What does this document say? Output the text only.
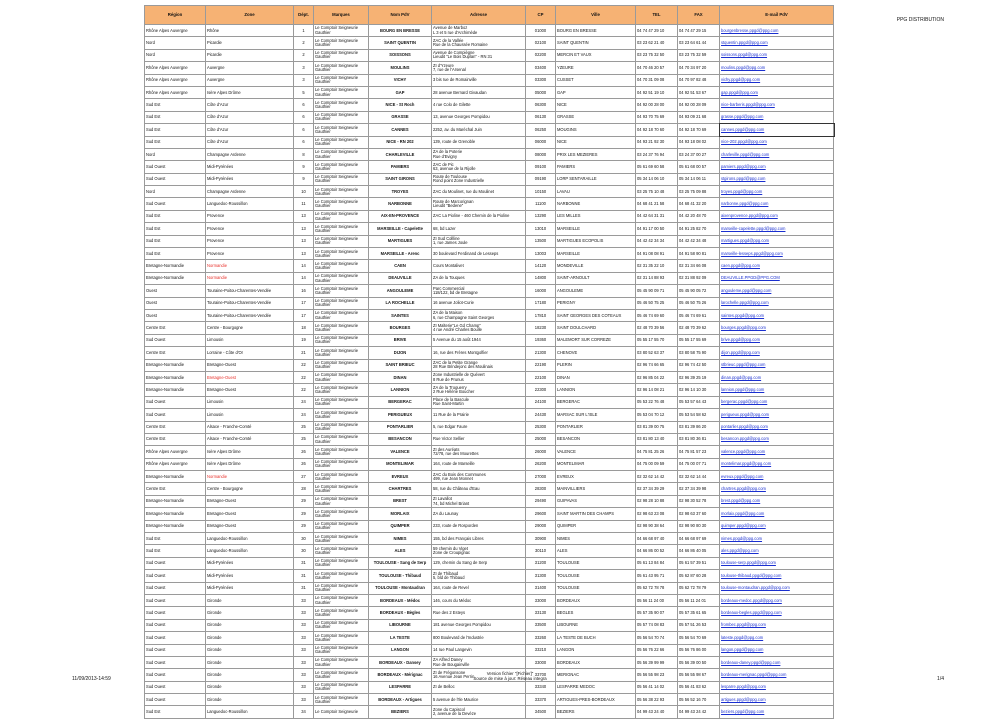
PPG DISTRIBUTION
Région	Zone	Dépt.	Marques	Nom PdV	Adresse	CP	Ville	TEL	FAX	E-mail PdV
Rhône Alpes Auvergne	Rhône	1	Le Comptoir Seigneurie
Gauthier	BOURG EN BRESSE	Avenue de Marboz
L 3 et 5 rue d'Archimède	01000	BOURG EN BRESSE	04 74 47 29 10	04 74 47 29 15	bourgenbresse.ppgd@ppg.com
Nord	Picardie	2	Le Comptoir Seigneurie
Gauthier	SAINT QUENTIN	ZAC de la Vallée
Rue de la Chaussée Romaine	02100	SAINT QUENTIN	03 23 62 21 40	03 23 64 61 44	stquentin.ppgd@ppg.com
Nord	Picardie	2	Le Comptoir Seigneurie
Gauthier	SOISSONS	Avenue de Compiègne
Lieudit "Le Bois Duplan" - RN 31	02200	MERCIN ET VAUX	03 23 75 32 50	03 23 75 32 59	soissons.ppgd@ppg.com
Rhône Alpes Auvergne	Auvergne	3	Le Comptoir Seigneurie
Gauthier	MOULINS	ZI d'Yzeure
7, rue de l'Arsenal	03400	YZEURE	04 70 46 20 57	04 70 34 97 20	moulins.ppgd@ppg.com
Rhône Alpes Auvergne	Auvergne	3	Le Comptoir Seigneurie
Gauthier	VICHY	3 bis rue de Romainville	03300	CUSSET	04 70 31 09 08	04 70 97 82 48	vichy.ppgd@ppg.com
Rhône Alpes Auvergne	Isère Alpes Drôme	5	Le Comptoir Seigneurie
Gauthier	GAP	28 avenue Bernard Givaudan	05000	GAP	04 92 51 19 10	04 92 51 53 67	gap.ppgd@ppg.com
Sud Est	Côte d'Azur	6	Le Comptoir Seigneurie
Gauthier	NICE - St Roch	4 rue Colo de Gilette	06300	NICE	04 92 00 28 00	04 92 00 28 09	nice-barberis.ppgd@ppg.com
Sud Est	Côte d'Azur	6	Le Comptoir Seigneurie
Gauthier	GRASSE	13, avenue Georges Pompidou	06130	GRASSE	04 93 70 75 69	04 93 09 21 68	grasse.ppgd@ppg.com
Sud Est	Côte d'Azur	6	Le Comptoir Seigneurie
Gauthier	CANNES	2252, av. du Maréchal Juin	06250	MOUGINS	04 92 18 70 60	04 92 18 70 69	cannes.ppgd@ppg.com
Sud Est	Côte d'Azur	6	Le Comptoir Seigneurie
Gauthier	NICE - RN 202	139, route de Grenoble	06000	NICE	04 93 21 92 30	04 93 18 08 02	nice-202.ppgd@ppg.com
Nord	Champagne Ardenne	8	Le Comptoir Seigneurie
Gauthier	CHARLEVILLE	ZA de la Poterie
Rue d'Evigny	08000	PRIX LES MEZIERES	03 24 37 76 94	03 24 37 00 27	charleville.ppgd@ppg.com
Sud Ouest	Midi-Pyrénées	9	Le Comptoir Seigneurie
Gauthier	PAMIERS	ZAC de Pic
63, avenue de la Rijolle	09100	PAMIERS	05 61 69 60 58	05 61 68 00 57	pamiers.ppgd@ppg.com
Sud Ouest	Midi-Pyrénées	9	Le Comptoir Seigneurie
Gauthier	SAINT GIRONS	Route de Toulouse
Rond point Zone Industrielle	09190	LORP SENTARAILLE	05 34 14 06 10	05 34 14 06 11	stgirons.ppgd@ppg.com
Nord	Champagne Ardenne	10	Le Comptoir Seigneurie
Gauthier	TROYES	ZAC du Moulinet, rue du Moulinet	10150	LAVAU	03 25 75 10 48	03 25 75 09 88	troyes.ppgd@ppg.com
Sud Ouest	Languedoc-Roussillon	11	Le Comptoir Seigneurie
Gauthier	NARBONNE	Route de Marcorignan
Lieudit "Bedene"	11100	NARBONNE	04 68 41 21 58	04 68 41 32 20	narbonne.ppgd@ppg.com
Sud Est	Provence	13	Le Comptoir Seigneurie
Gauthier	AIX-EN-PROVENCE	ZAC La Pioline - 460 Chemin de la Pioline	13290	LES MILLES	04 42 64 31 31	04 42 20 48 70	aixenprovence.ppgd@ppg.com
Sud Est	Provence	13	Le Comptoir Seigneurie
Gauthier	MARSEILLE - Capelette	68, bd Lazer	13010	MARSEILLE	04 91 17 00 50	04 91 25 82 70	marseille-capelette.ppgd@ppg.com
Sud Est	Provence	13	Le Comptoir Seigneurie
Gauthier	MARTIGUES	ZI Sud Collline
1, rue James Joule	13500	MARTIGUES ECOPOLIS	04 42 42 34 34	04 42 42 34 48	martigues.ppgd@ppg.com
Sud Est	Provence	13	Le Comptoir Seigneurie
Gauthier	MARSEILLE - Arenc	30 boulevard Ferdinand de Lesseps	13003	MARSEILLE	04 91 08 08 91	04 91 58 90 81	marseille-lesseps.ppgd@ppg.com
Bretagne-Normandie	Normandie	14	Le Comptoir Seigneurie
Gauthier	CAEN	Cours Montalivet	14120	MONDEVILLE	02 31 35 22 10	02 31 34 66 08	caen.ppgd@ppg.com
Bretagne-Normandie	Normandie	14	Le Comptoir Seigneurie
Gauthier	DEAUVILLE	ZA de la Touques	14800	SAINT-ARNOULT	02 31 14 88 93	02 31 88 92 09	DEAUVILLE.PPGD@PPG.COM
Ouest	Touraine-Poitou-Charentes-Vendée	16	Le Comptoir Seigneurie
Gauthier	ANGOULEME	Parc Commercial
118/122, bd de Bretagne	16000	ANGOULEME	05 45 90 09 71	05 45 90 05 72	angouleme.ppgd@ppg.com
Ouest	Touraine-Poitou-Charentes-Vendée	17	Le Comptoir Seigneurie
Gauthier	LA ROCHELLE	16 avenue Joliot-Curie	17180	PERIGNY	05 46 50 75 25	05 46 50 75 26	larochelle.ppgd@ppg.com
Ouest	Touraine-Poitou-Charentes-Vendée	17	Le Comptoir Seigneurie
Gauthier	SAINTES	ZA de la Maison
6, rue Champagne Saint Georges	17810	SAINT GEORGES DES COTEAUX	05 46 74 69 60	05 46 74 69 61	saintes.ppgd@ppg.com
Centre Est	Centre - Bourgogne	18	Le Comptoir Seigneurie
Gauthier	BOURGES	ZI Malterie"Le Gd Champ"
4 rue André Charles Boulle	18230	SAINT DOULCHARD	02 48 70 39 56	02 48 70 39 62	bourges.ppgd@ppg.com
Sud Ouest	Limousin	19	Le Comptoir Seigneurie
Gauthier	BRIVE	5 Avenue du 15 août 1944	19360	MALEMORT SUR CORREZE	05 55 17 55 70	05 55 17 55 69	brive.ppgd@ppg.com
Centre Est	Lorraine - Côte d'Or	21	Le Comptoir Seigneurie
Gauthier	DIJON	16, rue des Frères Montgolfier	21300	CHENOVE	03 80 52 63 37	03 80 58 75 90	dijon.ppgd@ppg.com
Bretagne-Normandie	Bretagne-Ouest	22	Le Comptoir Seigneurie
Gauthier	SAINT BRIEUC	ZAC de la Petite Grange
28 Rue Brindejonc des Moulinais	22190	PLERIN	02 96 74 66 65	02 96 74 42 50	stbrieuc.ppgd@ppg.com
Bretagne-Normandie	Bretagne-Ouest	22	Le Comptoir Seigneurie
Gauthier	DINAN	Zone Industrielle de Quévert
8 Rue de Prunus	22100	DINAN	02 96 85 04 22	02 96 39 25 19	dinan.ppgd@ppg.com
Bretagne-Normandie	Bretagne-Ouest	22	Le Comptoir Seigneurie
Gauthier	LANNION	ZA de la Troguerry
2 Rue Hélène Boucher	22300	LANNION	02 96 14 08 21	02 96 14 10 30	lannion.ppgd@ppg.com
Sud Ouest	Limousin	24	Le Comptoir Seigneurie
Gauthier	BERGERAC	Place de la Bascule
Rue Saint-Martin	24100	BERGERAC	05 53 22 76 48	05 53 57 64 43	bergerac.ppgd@ppg.com
Sud Ouest	Limousin	24	Le Comptoir Seigneurie
Gauthier	PERIGUEUX	11 Rue de la Prairie	24430	MARSAC SUR L'ISLE	05 53 04 70 12	05 53 54 58 62	perigueux.ppgd@ppg.com
Centre Est	Alsace - Franche-Comté	25	Le Comptoir Seigneurie
Gauthier	PONTARLIER	5, rue Edgar Faure	25300	PONTARLIER	03 81 39 00 75	03 81 39 86 20	pontarlier.ppgd@ppg.com
Centre Est	Alsace - Franche-Comté	25	Le Comptoir Seigneurie
Gauthier	BESANCON	Rue Victor Sellier	25000	BESANCON	03 81 80 13 40	03 81 80 36 81	besancon.ppgd@ppg.com
Rhône Alpes Auvergne	Isère Alpes Drôme	26	Le Comptoir Seigneurie
Gauthier	VALENCE	ZI des Auréats
72/78, rue des Mourettes	26000	VALENCE	04 75 81 25 26	04 75 81 57 23	valence.ppgd@ppg.com
Rhône Alpes Auvergne	Isère Alpes Drôme	26	Le Comptoir Seigneurie
Gauthier	MONTELIMAR	164, route de Marseille	26200	MONTELIMAR	04 75 00 09 59	04 75 00 07 71	montelimar.ppgd@ppg.com
Bretagne-Normandie	Normandie	27	Le Comptoir Seigneurie
Gauthier	EVREUX	ZAC du Bois des Communes
499, rue Jean Monnet	27000	EVREUX	02 32 62 14 42	02 32 62 14 44	evreux.ppgd@ppg.com
Centre Est	Centre - Bourgogne	28	Le Comptoir Seigneurie
Gauthier	CHARTRES	58, rue du Château d'Eau	28300	MAINVILLIERS	02 37 34 39 29	02 37 34 39 98	chartres.ppgd@ppg.com
Bretagne-Normandie	Bretagne-Ouest	29	Le Comptoir Seigneurie
Gauthier	BREST	ZI Lavallot
74, bd Michel Briant	29490	GUIPAVAS	02 98 28 10 88	02 98 30 52 78	brest.ppgd@ppg.com
Bretagne-Normandie	Bretagne-Ouest	29	Le Comptoir Seigneurie
Gauthier	MORLAIX	ZA du Launay	29600	SAINT MARTIN DES CHAMPS	02 98 63 23 08	02 98 63 37 60	morlaix.ppgd@ppg.com
Bretagne-Normandie	Bretagne-Ouest	29	Le Comptoir Seigneurie
Gauthier	QUIMPER	233, route de Rosporden	29000	QUIMPER	02 98 90 38 64	02 98 90 80 30	quimper.ppgd@ppg.com
Sud Est	Languedoc-Roussillon	30	Le Comptoir Seigneurie
Gauthier	NIMES	155, bd des Français Libres	30900	NIMES	04 66 68 97 40	04 66 68 97 69	nimes.ppgd@ppg.com
Sud Est	Languedoc-Roussillon	30	Le Comptoir Seigneurie
Gauthier	ALES	59 chemin du Viget
Zone de Croupignac	30110	ALES	04 66 86 00 52	04 66 86 40 05	ales.ppgd@ppg.com
Sud Ouest	Midi-Pyrénées	31	Le Comptoir Seigneurie
Gauthier	TOULOUSE - Sang de Serp	129, chemin du Sang de Serp	31200	TOULOUSE	05 61 13 84 84	05 61 57 39 51	toulouse-serp.ppgd@ppg.com
Sud Ouest	Midi-Pyrénées	31	Le Comptoir Seigneurie
Gauthier	TOULOUSE - Thibaud	ZI de Thibaud
5, bld de Thibaud	31300	TOULOUSE	05 61 43 95 71	05 62 87 60 28	toulouse-thibaud.ppgd@ppg.com
Sud Ouest	Midi-Pyrénées	31	Le Comptoir Seigneurie
Gauthier	TOULOUSE - Montaudran	164, route de Revel	31400	TOULOUSE	05 62 72 78 78	05 62 72 78 79	toulouse-montaudran.ppgd@ppg.com
Sud Ouest	Gironde	33	Le Comptoir Seigneurie
Gauthier	BORDEAUX - Médoc	146, cours du Médoc	33000	BORDEAUX	05 56 11 24 00	05 56 11 24 01	bordeaux-medoc.ppgd@ppg.com
Sud Ouest	Gironde	33	Le Comptoir Seigneurie
Gauthier	BORDEAUX - Bègles	Rue des 2 Esteys	33130	BEGLES	05 57 35 90 07	05 57 35 61 65	bordeaux-begles.ppgd@ppg.com
Sud Ouest	Gironde	33	Le Comptoir Seigneurie
Gauthier	LIBOURNE	181 avenue Georges Pompidou	33500	LIBOURNE	05 57 74 08 83	05 57 51 26 53	frombec.ppgd@ppg.com
Sud Ouest	Gironde	33	Le Comptoir Seigneurie
Gauthier	LA TESTE	800 Boulevard de l'Industrie	33260	LA TESTE DE BUCH	05 56 54 70 74	05 56 54 70 69	lateste.ppgd@ppg.com
Sud Ouest	Gironde	33	Le Comptoir Seigneurie
Gauthier	LANGON	14 rue Paul Langevin	33210	LANGON	05 56 76 22 66	05 56 76 86 00	langon.ppgd@ppg.com
Sud Ouest	Gironde	33	Le Comptoir Seigneurie
Gauthier	BORDEAUX - Dansey	ZA Alfred Daney
Rue de Bougainville	33000	BORDEAUX	05 56 39 99 99	05 56 39 00 50	bordeaux-daney.ppgd@ppg.com
Sud Ouest	Gironde	33	Le Comptoir Seigneurie
Gauthier	BORDEAUX - Mérignac	ZI de Frégonsone
16 Avenue Jean Perrin	33700	MERIGNAC	05 56 55 98 23	05 56 55 98 67	bordeaux-merignac.ppgd@ppg.com
Sud Ouest	Gironde	33	Le Comptoir Seigneurie
Gauthier	LESPARRE	ZI de Belloc	33340	LESPARRE MEDOC	05 56 41 14 02	05 56 41 83 62	lesparre.ppgd@ppg.com
Sud Ouest	Gironde	33	Le Comptoir Seigneurie
Gauthier	BORDEAUX - Artigues	5 avenue de l'Ile Maurice	33370	ARTIGUES-PRES-BORDEAUX	05 56 38 22 93	05 56 52 16 70	artigues.ppgd@ppg.com
Sud Est	Languedoc-Roussillon	34	Le Comptoir Seigneurie	BEZIERS	Zone du Capiscol
2, avenue de la Devèze	34500	BEZIERS	04 99 43 24 40	04 99 43 24 42	beziers.ppgd@ppg.com
11/09/2013-14:59
Version fichier "[Fichier]"
Source de mise à jour: Réseau integra	1/4
